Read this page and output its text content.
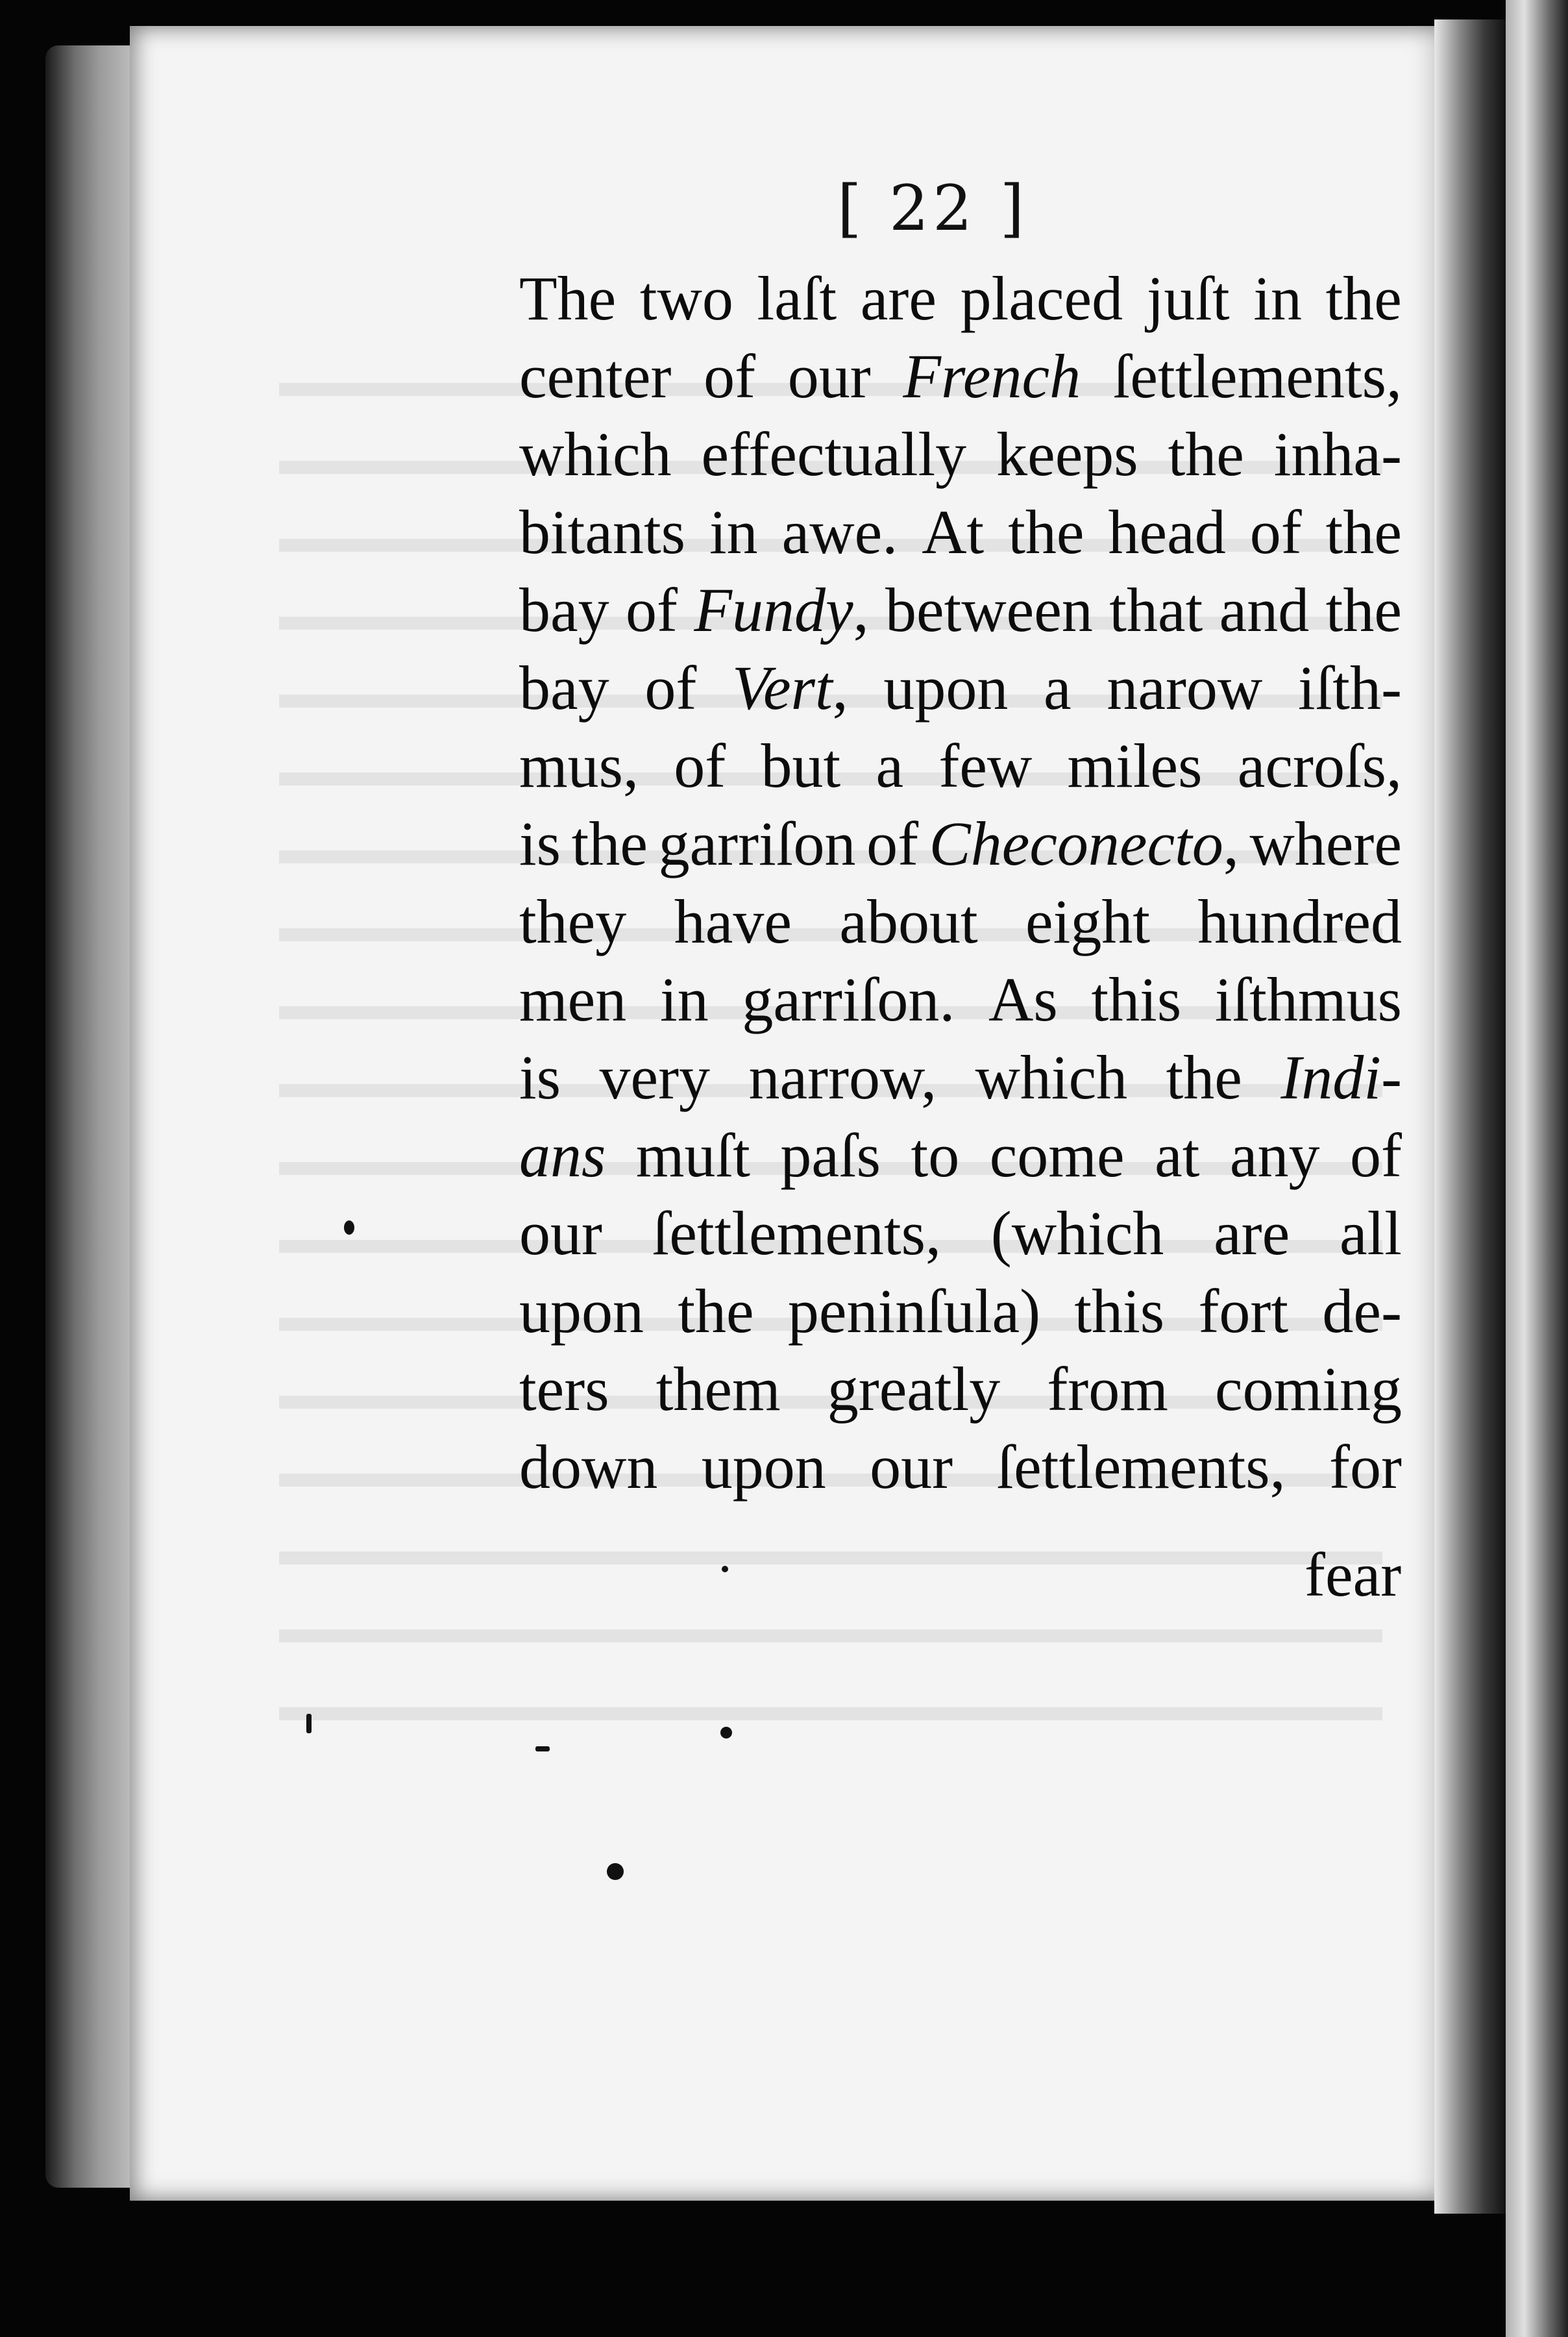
[ 22 ]
The two laſt are placed juſt in the
center of our French ſettlements,
which effectually keeps the inha-
bitants in awe. At the head of the
bay of Fundy, between that and the
bay of Vert, upon a narow iſth-
mus, of but a few miles acroſs,
is the garriſon of Checonecto, where
they have about eight hundred
men in garriſon. As this iſthmus
is very narrow, which the Indi-
ans muſt paſs to come at any of
our ſettlements, (which are all
upon the peninſula) this fort de-
ters them greatly from coming
down upon our ſettlements, for
fear
